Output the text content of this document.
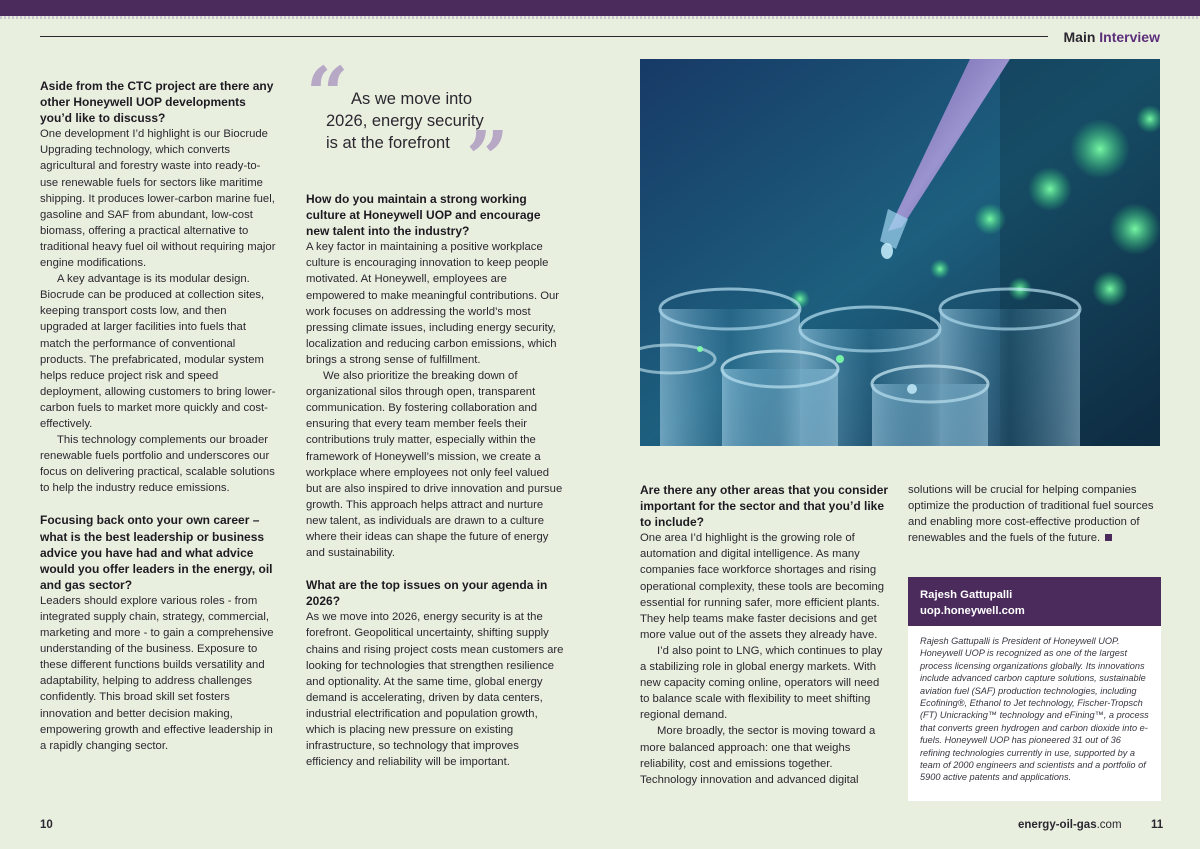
Main Interview
Aside from the CTC project are there any other Honeywell UOP developments you’d like to discuss?

One development I’d highlight is our Biocrude Upgrading technology, which converts agricultural and forestry waste into ready-to-use renewable fuels for sectors like maritime shipping. It produces lower-carbon marine fuel, gasoline and SAF from abundant, low-cost biomass, offering a practical alternative to traditional heavy fuel oil without requiring major engine modifications.

A key advantage is its modular design. Biocrude can be produced at collection sites, keeping transport costs low, and then upgraded at larger facilities into fuels that match the performance of conventional products. The prefabricated, modular system helps reduce project risk and speed deployment, allowing customers to bring lower-carbon fuels to market more quickly and cost-effectively.

This technology complements our broader renewable fuels portfolio and underscores our focus on delivering practical, scalable solutions to help the industry reduce emissions.

Focusing back onto your own career – what is the best leadership or business advice you have had and what advice would you offer leaders in the energy, oil and gas sector?

Leaders should explore various roles - from integrated supply chain, strategy, commercial, marketing and more - to gain a comprehensive understanding of the business. Exposure to these different functions builds versatility and adaptability, helping to address challenges confidently. This broad skill set fosters innovation and better decision making, empowering growth and effective leadership in a rapidly changing sector.

“
”
As we move into
2026, energy security
is at the forefront
How do you maintain a strong working culture at Honeywell UOP and encourage new talent into the industry?

A key factor in maintaining a positive workplace culture is encouraging innovation to keep people motivated. At Honeywell, employees are empowered to make meaningful contributions. Our work focuses on addressing the world’s most pressing climate issues, including energy security, localization and reducing carbon emissions, which brings a strong sense of fulfillment.

We also prioritize the breaking down of organizational silos through open, transparent communication. By fostering collaboration and ensuring that every team member feels their contributions truly matter, especially within the framework of Honeywell’s mission, we create a workplace where employees not only feel valued but are also inspired to drive innovation and pursue growth. This approach helps attract and nurture new talent, as individuals are drawn to a culture where their ideas can shape the future of energy and sustainability.

What are the top issues on your agenda in 2026?

As we move into 2026, energy security is at the forefront. Geopolitical uncertainty, shifting supply chains and rising project costs mean customers are looking for technologies that strengthen resilience and optionality. At the same time, global energy demand is accelerating, driven by data centers, industrial electrification and population growth, which is placing new pressure on existing infrastructure, so technology that improves efficiency and reliability will be important.

Are there any other areas that you consider important for the sector and that you’d like to include?

One area I’d highlight is the growing role of automation and digital intelligence. As many companies face workforce shortages and rising operational complexity, these tools are becoming essential for running safer, more efficient plants. They help teams make faster decisions and get more value out of the assets they already have.

I’d also point to LNG, which continues to play a stabilizing role in global energy markets. With new capacity coming online, operators will need to balance scale with flexibility to meet shifting regional demand.

More broadly, the sector is moving toward a more balanced approach: one that weighs reliability, cost and emissions together. Technology innovation and advanced digital

solutions will be crucial for helping companies optimize the production of traditional fuel sources and enabling more cost-effective production of renewables and the fuels of the future.

Rajesh Gattupalli
uop.honeywell.com
Rajesh Gattupalli is President of Honeywell UOP. Honeywell UOP is recognized as one of the largest process licensing organizations globally. Its innovations include advanced carbon capture solutions, sustainable aviation fuel (SAF) production technologies, including Ecofining®, Ethanol to Jet technology, Fischer-Tropsch (FT) Unicracking™ technology and eFining™, a process that converts green hydrogen and carbon dioxide into e-fuels. Honeywell UOP has pioneered 31 out of 36 refining technologies currently in use, supported by a team of 2000 engineers and scientists and a portfolio of 5900 active patents and applications.
10	energy-oil-gas.com	11
